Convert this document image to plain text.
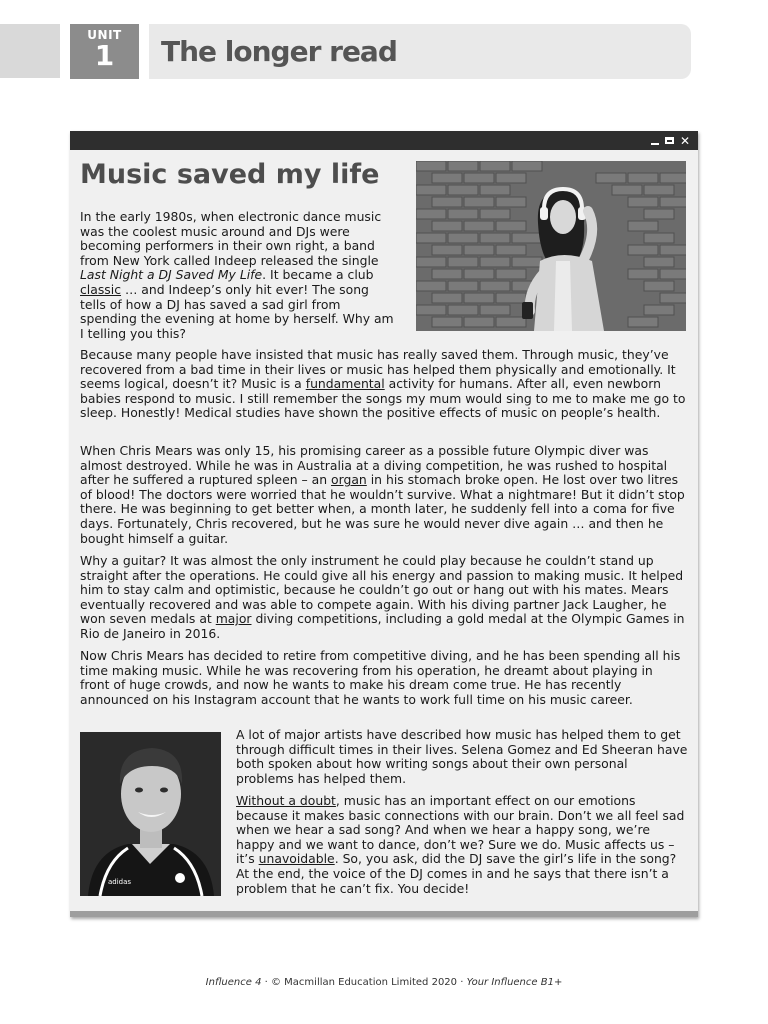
UNIT
1	The longer read
✕
Music saved my life

In the early 1980s, when electronic dance music was the coolest music around and DJs were becoming performers in their own right, a band from New York called Indeep released the single Last Night a DJ Saved My Life. It became a club classic … and Indeep’s only hit ever! The song tells of how a DJ has saved a sad girl from spending the evening at home by herself. Why am I telling you this?

Because many people have insisted that music has really saved them. Through music, they’ve recovered from a bad time in their lives or music has helped them physically and emotionally. It seems logical, doesn’t it? Music is a fundamental activity for humans. After all, even newborn babies respond to music. I still remember the songs my mum would sing to me to make me go to sleep. Honestly! Medical studies have shown the positive effects of music on people’s health.

When Chris Mears was only 15, his promising career as a possible future Olympic diver was almost destroyed. While he was in Australia at a diving competition, he was rushed to hospital after he suffered a ruptured spleen – an organ in his stomach broke open. He lost over two litres of blood! The doctors were worried that he wouldn’t survive. What a nightmare! But it didn’t stop there. He was beginning to get better when, a month later, he suddenly fell into a coma for five days. Fortunately, Chris recovered, but he was sure he would never dive again … and then he bought himself a guitar.

Why a guitar? It was almost the only instrument he could play because he couldn’t stand up straight after the operations. He could give all his energy and passion to making music. It helped him to stay calm and optimistic, because he couldn’t go out or hang out with his mates. Mears eventually recovered and was able to compete again. With his diving partner Jack Laugher, he won seven medals at major diving competitions, including a gold medal at the Olympic Games in Rio de Janeiro in 2016.

Now Chris Mears has decided to retire from competitive diving, and he has been spending all his time making music. While he was recovering from his operation, he dreamt about playing in front of huge crowds, and now he wants to make his dream come true. He has recently announced on his Instagram account that he wants to work full time on his music career.

adidas

A lot of major artists have described how music has helped them to get through difficult times in their lives. Selena Gomez and Ed Sheeran have both spoken about how writing songs about their own personal problems has helped them.

Without a doubt, music has an important effect on our emotions because it makes basic connections with our brain. Don’t we all feel sad when we hear a sad song? And when we hear a happy song, we’re happy and we want to dance, don’t we? Sure we do. Music affects us – it’s unavoidable. So, you ask, did the DJ save the girl’s life in the song? At the end, the voice of the DJ comes in and he says that there isn’t a problem that he can’t fix. You decide!

Influence 4 · © Macmillan Education Limited 2020 · Your Influence B1+
